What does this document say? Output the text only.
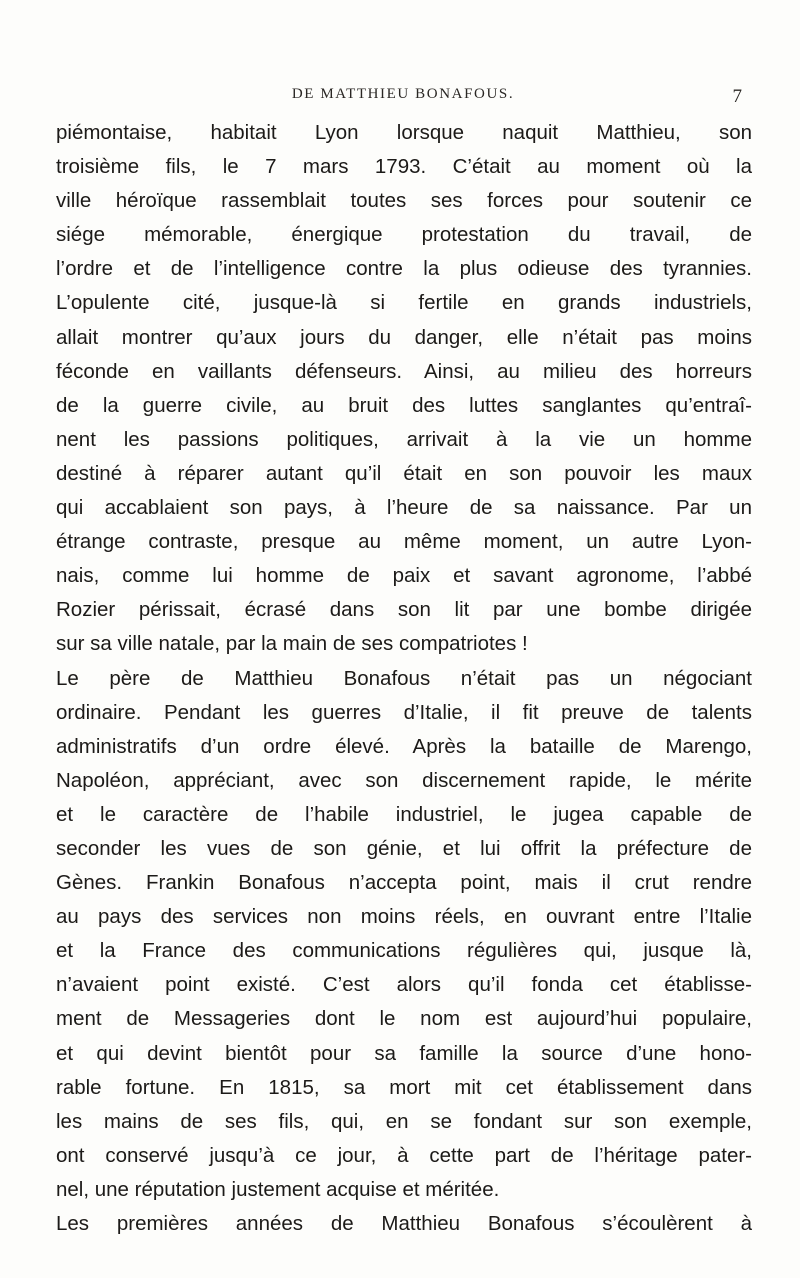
DE MATTHIEU BONAFOUS.	7
piémontaise, habitait Lyon lorsque naquit Matthieu, son
troisième fils, le 7 mars 1793. C’était au moment où la
ville héroïque rassemblait toutes ses forces pour soutenir ce
siége mémorable, énergique protestation du travail, de
l’ordre et de l’intelligence contre la plus odieuse des tyrannies.
L’opulente cité, jusque-là si fertile en grands industriels,
allait montrer qu’aux jours du danger, elle n’était pas moins
féconde en vaillants défenseurs. Ainsi, au milieu des horreurs
de la guerre civile, au bruit des luttes sanglantes qu’entraî-
nent les passions politiques, arrivait à la vie un homme
destiné à réparer autant qu’il était en son pouvoir les maux
qui accablaient son pays, à l’heure de sa naissance. Par un
étrange contraste, presque au même moment, un autre Lyon-
nais, comme lui homme de paix et savant agronome, l’abbé
Rozier périssait, écrasé dans son lit par une bombe dirigée
sur sa ville natale, par la main de ses compatriotes !
Le père de Matthieu Bonafous n’était pas un négociant
ordinaire. Pendant les guerres d’Italie, il fit preuve de talents
administratifs d’un ordre élevé. Après la bataille de Marengo,
Napoléon, appréciant, avec son discernement rapide, le mérite
et le caractère de l’habile industriel, le jugea capable de
seconder les vues de son génie, et lui offrit la préfecture de
Gènes. Frankin Bonafous n’accepta point, mais il crut rendre
au pays des services non moins réels, en ouvrant entre l’Italie
et la France des communications régulières qui, jusque là,
n’avaient point existé. C’est alors qu’il fonda cet établisse-
ment de Messageries dont le nom est aujourd’hui populaire,
et qui devint bientôt pour sa famille la source d’une hono-
rable fortune. En 1815, sa mort mit cet établissement dans
les mains de ses fils, qui, en se fondant sur son exemple,
ont conservé jusqu’à ce jour, à cette part de l’héritage pater-
nel, une réputation justement acquise et méritée.
Les premières années de Matthieu Bonafous s’écoulèrent à
